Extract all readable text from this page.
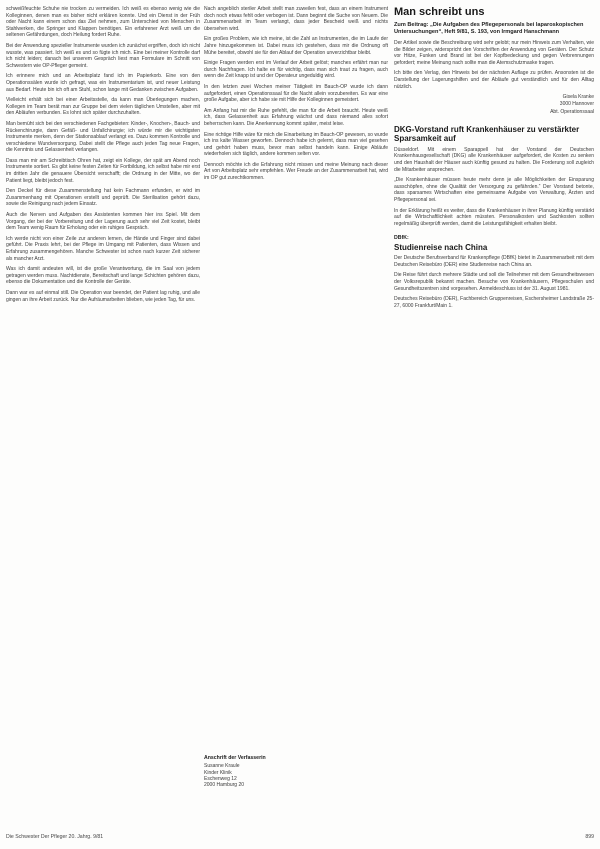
schweißfeuchte Schuhe nie trocken zu vermeiden. Ich weiß es ebenso wenig wie die Kolleginnen, denen man es bisher nicht erklären konnte. Und ein Dienst in der Früh oder Nacht kann einem schon das Ziel nehmen, zum Unterschied von Menschen in Stahlwerken, die Springer und Klappen benötigen. Ein erfahrener Arzt weiß um die seltenen Gefährdungen, doch Heilung fordert Ruhe.

Bei der Anwendung spezieller Instrumente wurden ich zunächst ergriffen, doch ich nicht wusste, was passiert. Ich weiß es und so fügte ich mich. Eine bei meiner Kontrolle darf ich nicht leiden; danach bei unserem Gespräch liest man Formulare im Schnitt von Schwestern wie OP-Pfleger gemeint.

Ich erinnere mich und an Arbeitsplatz fand ich im Papierkorb. Eine von den Operationssälen wurde ich gefragt, was ein Instrumentarium ist, und neuer Leistung aus Bedarf. Heute bin ich oft am Stuhl, schon lange mit Gedanken zwischen Aufgaben.

Vielleicht erhält sich bei einer Arbeitsstelle, da kann man Überlegungen machen, Kollegen im Team berät man zur Gruppe bei dem vielen täglichen Umstellen, aber mit den Abläufen verbunden. Es lohnt sich später durchzuhalten.

Man bemüht sich bei den verschiedenen Fachgebieten: Kinder-, Knochen-, Bauch- und Rückenchirurgie, dann Gefäß- und Unfallchirurgie; ich würde mir die wichtigsten Instrumente merken, denn der Stationsablauf verlangt es. Dazu kommen Kontrolle und verschiedene Wundversorgung. Dabei stellt die Pflege auch jeden Tag neue Fragen, die Kenntnis und Gelassenheit verlangen.

Dass man mir am Schreibtisch Ohren hat, zeigt ein Kollege, der spät am Abend noch Instrumente sortiert. Es gibt keine festen Zeiten für Fortbildung, ich selbst habe mir erst im dritten Jahr die genauere Übersicht verschafft; die Ordnung in der Mitte, wo der Patient liegt, bleibt jedoch fest.

Den Deckel für diese Zusammenstellung hat kein Fachmann erfunden, er wird im Zusammenhang mit Operationen erstellt und geprüft. Die Sterilisation gehört dazu, sowie die Reinigung nach jedem Einsatz.

Auch die Nerven und Aufgaben des Assistenten kommen hier ins Spiel. Mit dem Vorgang, der bei der Vorbereitung und der Lagerung auch sehr viel Zeit kostet, bleibt dem Team wenig Raum für Erholung oder ein ruhiges Gespräch.

Ich werde nicht von einer Zeile zur anderen lernen, die Hände und Finger sind dabei geführt. Die Praxis lehrt, bei der Pflege im Umgang mit Patienten, dass Wissen und Erfahrung zusammengehören. Manche Schwester ist schon nach kurzer Zeit sicherer als mancher Arzt.

Was ich damit andeuten will, ist die große Verantwortung, die im Saal von jedem getragen werden muss. Nachtdienste, Bereitschaft und lange Schichten gehören dazu, ebenso die Dokumentation und die Kontrolle der Geräte.

Dann war es auf einmal still. Die Operation war beendet, der Patient lag ruhig, und alle gingen an ihre Arbeit zurück. Nur die Aufräumarbeiten blieben, wie jeden Tag, für uns.

Nach angeblich steriler Arbeit stellt man zuweilen fest, dass an einem Instrument doch noch etwas fehlt oder verbogen ist. Dann beginnt die Suche von Neuem. Die Zusammenarbeit im Team verlangt, dass jeder Bescheid weiß und nichts übersehen wird.

Ein großes Problem, wie ich meine, ist die Zahl an Instrumenten, die im Laufe der Jahre hinzugekommen ist. Dabei muss ich gestehen, dass mir die Ordnung oft Mühe bereitet, obwohl sie für den Ablauf der Operation unverzichtbar bleibt.

Einige Fragen werden erst im Verlauf der Arbeit gelöst; manches erfährt man nur durch Nachfragen. Ich halte es für wichtig, dass man sich traut zu fragen, auch wenn die Zeit knapp ist und der Operateur ungeduldig wird.

In den letzten zwei Wochen meiner Tätigkeit im Bauch-OP wurde ich dann aufgefordert, einen Operationssaal für die Nacht allein vorzubereiten. Es war eine große Aufgabe, aber ich habe sie mit Hilfe der Kolleginnen gemeistert.

Am Anfang hat mir die Ruhe gefehlt, die man für die Arbeit braucht. Heute weiß ich, dass Gelassenheit aus Erfahrung wächst und dass niemand alles sofort beherrschen kann. Die Anerkennung kommt später, meist leise.

Eine richtige Hilfe wäre für mich die Einarbeitung im Bauch-OP gewesen, so wurde ich ins kalte Wasser geworfen. Dennoch habe ich gelernt, dass man viel gesehen und gehört haben muss, bevor man selbst handeln kann. Einige Abläufe wiederholen sich täglich, andere kommen selten vor.

Dennoch möchte ich die Erfahrung nicht missen und meine Meinung nach dieser Art von Arbeitsplatz sehr empfehlen. Wer Freude an der Zusammenarbeit hat, wird im OP gut zurechtkommen.

Anschrift der Verfasserin

Susanne Kraule

Kinder Klinik

Eschenweg 12

2000 Hamburg 20

Man schreibt uns

Zum Beitrag: „Die Aufgaben des Pflegepersonals bei laparoskopischen Untersuchungen“, Heft 9/81, S. 193, von Irmgard Hanschmann

Der Artikel sowie die Beschreibung wird sehr gelobt; nur mein Hinweis zum Verhalten, wie die Bilder zeigen, widerspricht den Vorschriften der Anwendung von Geräten. Der Schutz vor Hitze, Funken und Brand ist bei der Kopfbedeckung und gegen Verbrennungen gefordert; meine Meinung nach sollte man die Atemschutzmaske tragen.

Ich bitte den Verlag, den Hinweis bei der nächsten Auflage zu prüfen. Ansonsten ist die Darstellung der Lagerungshilfen und der Abläufe gut verständlich und für den Alltag nützlich.

Gisela Kranke

3000 Hannover

Abt. Operationssaal

DKG-Vorstand ruft Krankenhäuser zu verstärkter Sparsamkeit auf

Düsseldorf. Mit einem Sparappell hat der Vorstand der Deutschen Krankenhausgesellschaft (DKG) alle Krankenhäuser aufgefordert, die Kosten zu senken und den Haushalt der Häuser auch künftig gesund zu halten. Die Forderung soll zugleich die Mitarbeiter ansprechen.

„Die Krankenhäuser müssen heute mehr denn je alle Möglichkeiten der Einsparung ausschöpfen, ohne die Qualität der Versorgung zu gefährden.“ Der Vorstand betonte, dass sparsames Wirtschaften eine gemeinsame Aufgabe von Verwaltung, Ärzten und Pflegepersonal sei.

In der Erklärung heißt es weiter, dass die Krankenhäuser in ihrer Planung künftig verstärkt auf die Wirtschaftlichkeit achten müssten. Personalkosten und Sachkosten sollten regelmäßig überprüft werden, damit die Leistungsfähigkeit erhalten bleibt.

DBfK:
Studienreise nach China

Der Deutsche Berufsverband für Krankenpflege (DBfK) bietet in Zusammenarbeit mit dem Deutschen Reisebüro (DER) eine Studienreise nach China an.

Die Reise führt durch mehrere Städte und soll die Teilnehmer mit dem Gesundheitswesen der Volksrepublik bekannt machen. Besuche von Krankenhäusern, Pflegeschulen und Gesundheitszentren sind vorgesehen. Anmeldeschluss ist der 31. August 1981.

Deutsches Reisebüro (DER), Fachbereich Gruppenreisen, Eschersheimer Landstraße 25-27, 6000 Frankfurt/Main 1.

Die Schwester Der Pfleger 20. Jahrg. 9/81	899
